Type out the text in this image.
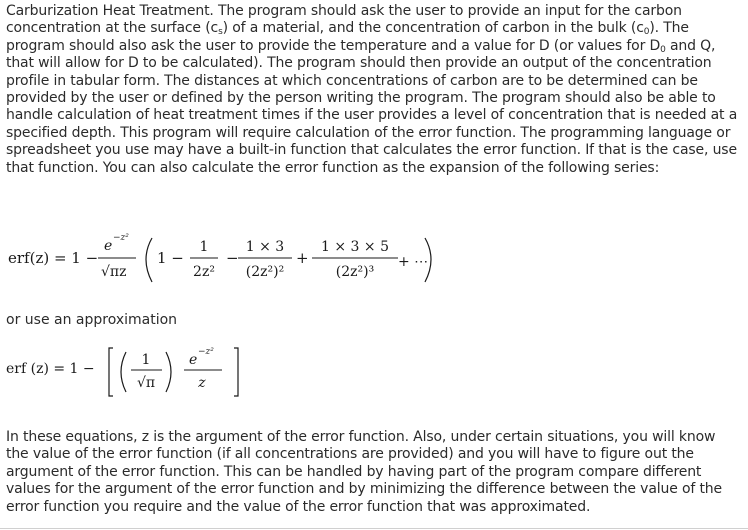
Carburization Heat Treatment. The program should ask the user to provide an input for the carbon concentration at the surface $(c_s)$ of a material, and the concentration of carbon in the bulk $(c_0)$. The program should also ask the user to provide the temperature and a value for D (or values for $D_0$ and Q, that will allow for D to be calculated). The program should then provide an output of the concentration profile in tabular form. The distances at which concentrations of carbon are to be determined can be provided by the user or defined by the person writing the program. The program should also be able to handle calculation of heat treatment times if the user provides a level of concentration that is needed at a specified depth. This program will require calculation of the error function. The programming language or spreadsheet you use may have a built-in function that calculates the error function. If that is the case, use that function. You can also calculate the error function as the expansion of the following series:

erf(z) = 1 −
e −z²
√πz
1 −
1
2z²
−
1 × 3
(2z²)²
+
1 × 3 × 5
(2z²)³
+ ⋯
or use an approximation
erf (z) = 1 −
1
√π
e −z²
z

In these equations, z is the argument of the error function. Also, under certain situations, you will know the value of the error function (if all concentrations are provided) and you will have to figure out the argument of the error function. This can be handled by having part of the program compare different values for the argument of the error function and by minimizing the difference between the value of the error function you require and the value of the error function that was approximated.
